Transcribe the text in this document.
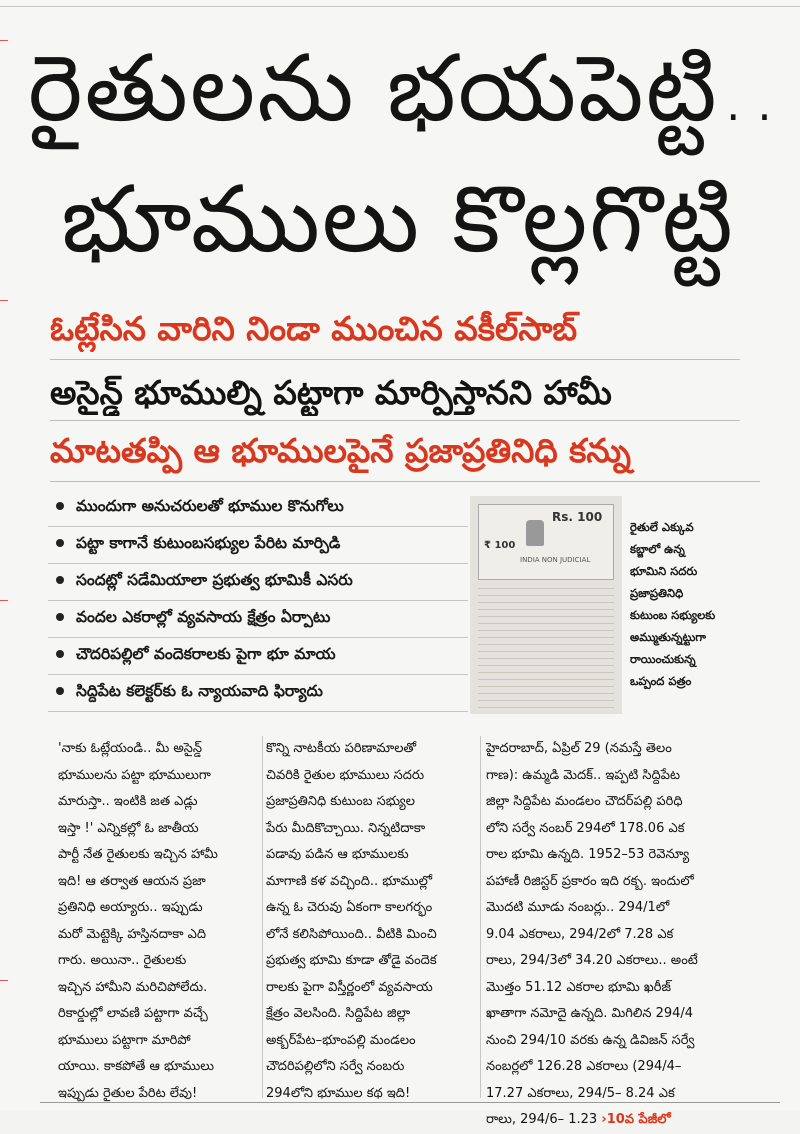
రైతులను భయపెట్టి..
భూములు కొల్లగొట్టి
ఓట్లేసిన వారిని నిండా ముంచిన వకీల్‌సాబ్
అసైన్డ్ భూముల్ని పట్టాగా మార్పిస్తానని హామీ
మాటతప్పి ఆ భూములపైనే ప్రజాప్రతినిధి కన్ను
ముందుగా అనుచరులతో భూముల కొనుగోలు
పట్టా కాగానే కుటుంబసభ్యుల పేరిట మార్పిడి
సందట్లో సడేమియాలా ప్రభుత్వ భూమికీ ఎసరు
వందల ఎకరాల్లో వ్యవసాయ క్షేత్రం ఏర్పాటు
చౌదరిపల్లిలో వందెకరాలకు పైగా భూ మాయ
సిద్దిపేట కలెక్టర్‌కు ఓ న్యాయవాది ఫిర్యాదు
Rs. 100
₹ 100
INDIA NON JUDICIAL
రైతులే ఎక్కువ
కబ్జాలో ఉన్న
భూమిని సదరు
ప్రజాప్రతినిధి
కుటుంబ సభ్యులకు
అమ్ముతున్నట్టుగా
రాయించుకున్న
ఒప్పంద పత్రం

'నాకు ఓట్లేయండి.. మీ అసైన్డ్

భూములను పట్టా భూములుగా

మారుస్తా.. ఇంటికి జత ఎడ్లు

ఇస్తా !' ఎన్నికల్లో ఓ జాతీయ

పార్టీ నేత రైతులకు ఇచ్చిన హామీ

ఇది! ఆ తర్వాత ఆయన ప్రజా

ప్రతినిధి అయ్యారు.. ఇప్పుడు

మరో మెట్టెక్కి హస్తినదాకా ఎది

గారు. అయినా.. రైతులకు

ఇచ్చిన హామీని మరిచిపోలేదు.

రికార్డుల్లో లావణి పట్టాగా వచ్చే

భూములు పట్టాగా మారిపో

యాయి. కాకపోతే ఆ భూములు

ఇప్పుడు రైతుల పేరిట లేవు!

కొన్ని నాటకీయ పరిణామాలతో

చివరికి రైతుల భూములు సదరు

ప్రజాప్రతినిధి కుటుంబ సభ్యుల

పేరు మీదికొచ్చాయి. నిన్నటిదాకా

పడావు పడిన ఆ భూములకు

మాగాణి కళ వచ్చింది.. భూముల్లో

ఉన్న ఓ చెరువు ఏకంగా కాలగర్భం

లోనే కలిసిపోయింది.. వీటికి మించి

ప్రభుత్వ భూమి కూడా తోడై వందెక

రాలకు పైగా విస్తీర్ణంలో వ్యవసాయ

క్షేత్రం వెలసింది. సిద్దిపేట జిల్లా

అక్బర్‌పేట–భూంపల్లి మండలం

చౌదరిపల్లిలోని సర్వే నంబరు

294లోని భూముల కథ ఇది!

హైదరాబాద్, ఏప్రిల్ 29 (నమస్తే తెలం

గాణ): ఉమ్మడి మెదక్.. ఇప్పటి సిద్దిపేట

జిల్లా సిద్దిపేట మండలం చౌదర్‌పల్లి పరిధి

లోని సర్వే నంబర్ 294లో 178.06 ఎక

రాల భూమి ఉన్నది. 1952–53 రెవెన్యూ

పహాణీ రిజిస్టర్ ప్రకారం ఇది రక్బ. ఇందులో

మొదటి మూడు నంబర్లు.. 294/1లో

9.04 ఎకరాలు, 294/2లో 7.28 ఎక

రాలు, 294/3లో 34.20 ఎకరాలు.. అంటే

మొత్తం 51.12 ఎకరాల భూమి ఖరీజ్

ఖాతాగా నమోదై ఉన్నది. మిగిలిన 294/4

నుంచి 294/10 వరకు ఉన్న డివిజన్ సర్వే

నంబర్లలో 126.28 ఎకరాలు (294/4–

17.27 ఎకరాలు, 294/5– 8.24 ఎక

రాలు, 294/6– 1.23 ›10వ పేజీలో
